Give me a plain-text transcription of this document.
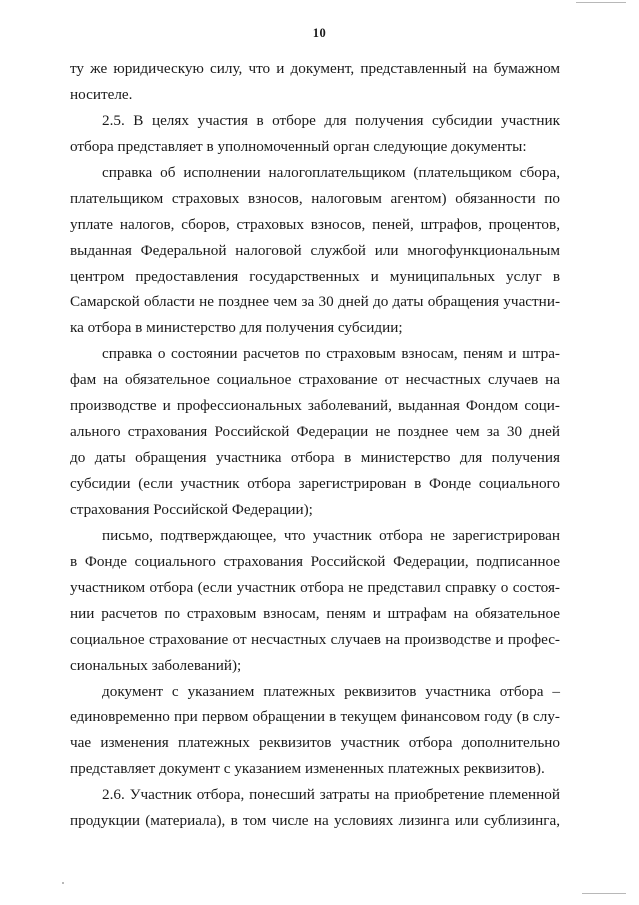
10
ту же юридическую силу, что и документ, представленный на бумажном
носителе.
2.5. В целях участия в отборе для получения субсидии участник
отбора представляет в уполномоченный орган следующие документы:
справка об исполнении налогоплательщиком (плательщиком сбора,
плательщиком страховых взносов, налоговым агентом) обязанности по
уплате налогов, сборов, страховых взносов, пеней, штрафов, процентов,
выданная Федеральной налоговой службой или многофункциональным
центром предоставления государственных и муниципальных услуг в
Самарской области не позднее чем за 30 дней до даты обращения участни-
ка отбора в министерство для получения субсидии;
справка о состоянии расчетов по страховым взносам, пеням и штра-
фам на обязательное социальное страхование от несчастных случаев на
производстве и профессиональных заболеваний, выданная Фондом соци-
ального страхования Российской Федерации не позднее чем за 30 дней
до даты обращения участника отбора в министерство для получения
субсидии (если участник отбора зарегистрирован в Фонде социального
страхования Российской Федерации);
письмо, подтверждающее, что участник отбора не зарегистрирован
в Фонде социального страхования Российской Федерации, подписанное
участником отбора (если участник отбора не представил справку о состоя-
нии расчетов по страховым взносам, пеням и штрафам на обязательное
социальное страхование от несчастных случаев на производстве и профес-
сиональных заболеваний);
документ с указанием платежных реквизитов участника отбора –
единовременно при первом обращении в текущем финансовом году (в слу-
чае изменения платежных реквизитов участник отбора дополнительно
представляет документ с указанием измененных платежных реквизитов).
2.6. Участник отбора, понесший затраты на приобретение племенной
продукции (материала), в том числе на условиях лизинга или сублизинга,
